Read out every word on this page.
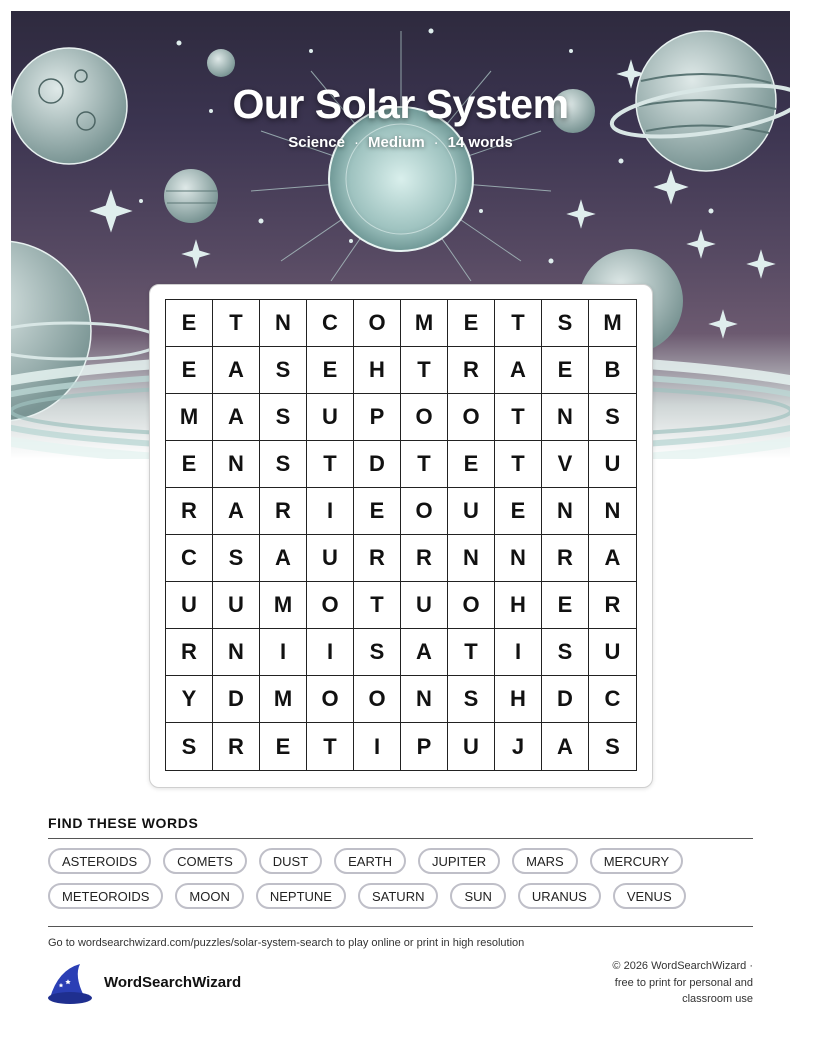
Our Solar System
Science · Medium · 14 words
E	T	N	C	O	M	E	T	S	M
E	A	S	E	H	T	R	A	E	B
M	A	S	U	P	O	O	T	N	S
E	N	S	T	D	T	E	T	V	U
R	A	R	I	E	O	U	E	N	N
C	S	A	U	R	R	N	N	R	A
U	U	M	O	T	U	O	H	E	R
R	N	I	I	S	A	T	I	S	U
Y	D	M	O	O	N	S	H	D	C
S	R	E	T	I	P	U	J	A	S
FIND THESE WORDS
ASTEROIDS	COMETS	DUST	EARTH	JUPITER	MARS	MERCURY
METEOROIDS	MOON	NEPTUNE	SATURN	SUN	URANUS	VENUS
Go to wordsearchwizard.com/puzzles/solar-system-search to play online or print in high resolution
WordSearchWizard
© 2026 WordSearchWizard ·
free to print for personal and
classroom use
